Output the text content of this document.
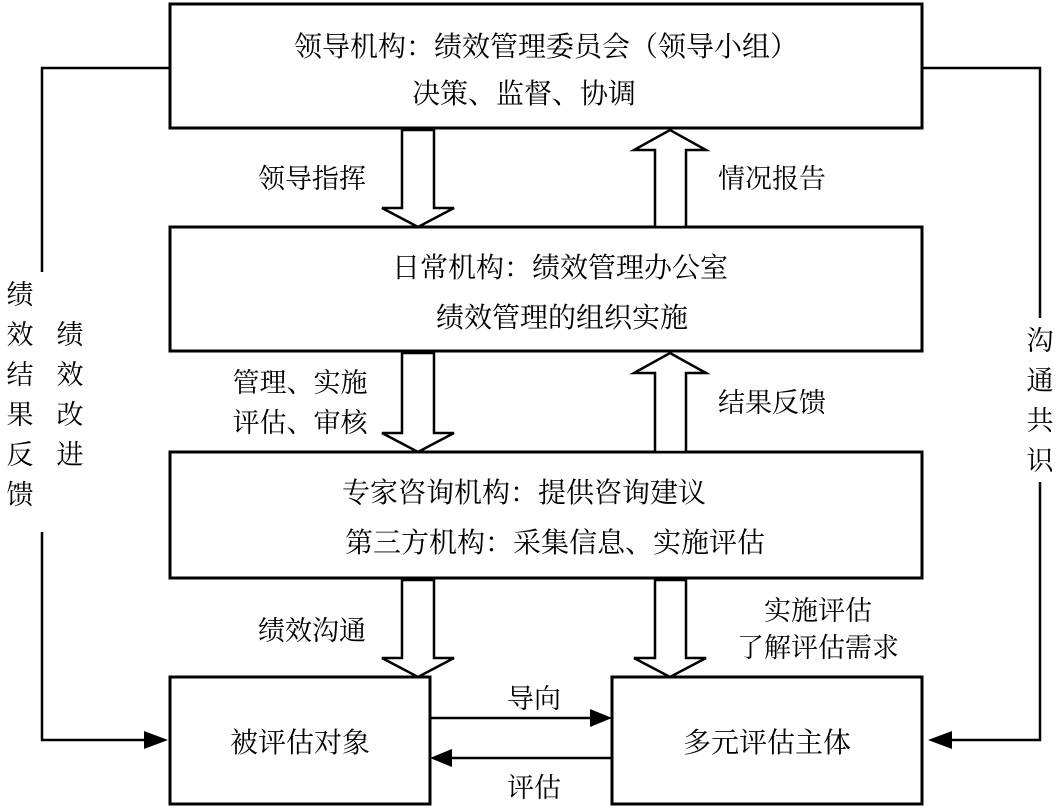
领导机构：绩效管理委员会（领导小组）
决策、监督、协调
日常机构：绩效管理办公室
绩效管理的组织实施
专家咨询机构：提供咨询建议
第三方机构：采集信息、实施评估
被评估对象	多元评估主体
领导指挥	情况报告
管理、实施
评估、审核
结果反馈
绩效沟通
实施评估
了解评估需求
导向
评估
绩
效
结
果
反
馈
绩
效
改
进
沟
通
共
识
